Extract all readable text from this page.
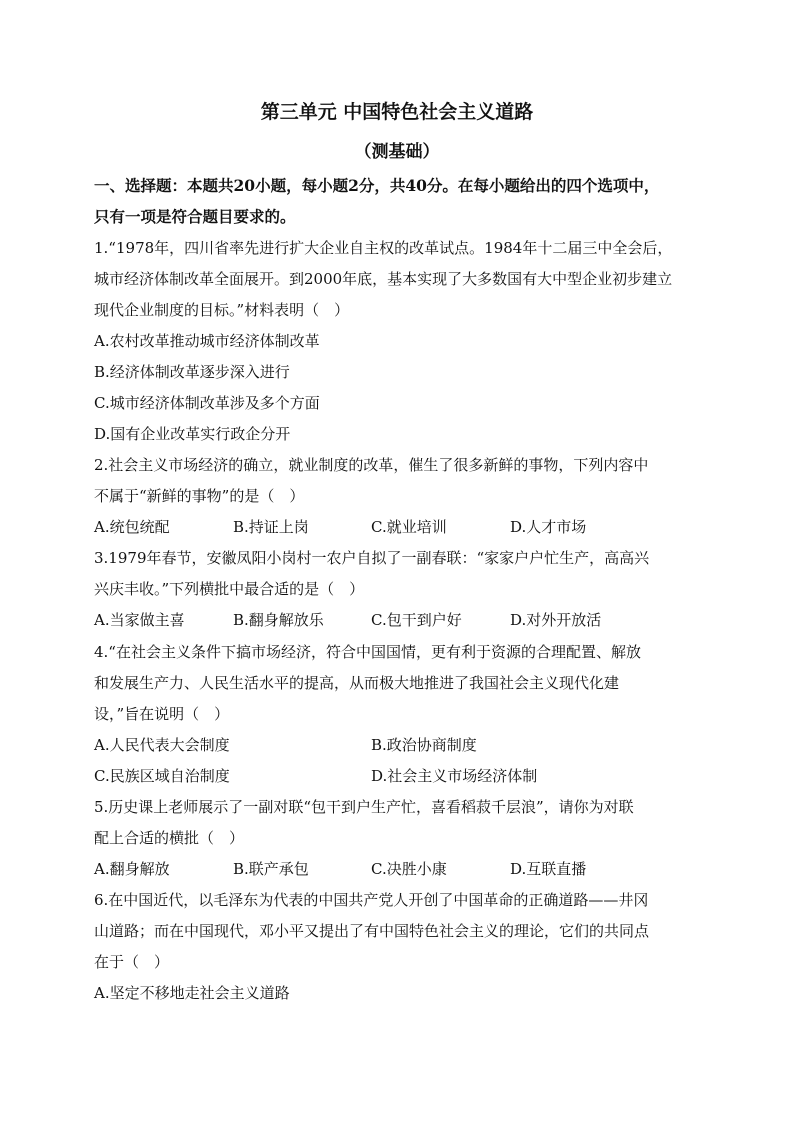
第三单元 中国特色社会主义道路
（测基础）
一、选择题：本题共20小题，每小题2分，共40分。在每小题给出的四个选项中，
只有一项是符合题目要求的。
1.“1978年，四川省率先进行扩大企业自主权的改革试点。1984年十二届三中全会后，
城市经济体制改革全面展开。到2000年底，基本实现了大多数国有大中型企业初步建立
现代企业制度的目标。”材料表明（　）
A.农村改革推动城市经济体制改革
B.经济体制改革逐步深入进行
C.城市经济体制改革涉及多个方面
D.国有企业改革实行政企分开
2.社会主义市场经济的确立，就业制度的改革，催生了很多新鲜的事物，下列内容中
不属于“新鲜的事物”的是（　）
A.统包统配	B.持证上岗	C.就业培训	D.人才市场
3.1979年春节，安徽凤阳小岗村一农户自拟了一副春联：“家家户户忙生产，高高兴
兴庆丰收。”下列横批中最合适的是（　）
A.当家做主喜	B.翻身解放乐	C.包干到户好	D.对外开放活
4.“在社会主义条件下搞市场经济，符合中国国情，更有利于资源的合理配置、解放
和发展生产力、人民生活水平的提高，从而极大地推进了我国社会主义现代化建
设，”旨在说明（　）
A.人民代表大会制度	B.政治协商制度
C.民族区域自治制度	D.社会主义市场经济体制
5.历史课上老师展示了一副对联“包干到户生产忙，喜看稻菽千层浪”，请你为对联
配上合适的横批（　）
A.翻身解放	B.联产承包	C.决胜小康	D.互联直播
6.在中国近代，以毛泽东为代表的中国共产党人开创了中国革命的正确道路——井冈
山道路；而在中国现代，邓小平又提出了有中国特色社会主义的理论，它们的共同点
在于（　）
A.坚定不移地走社会主义道路
